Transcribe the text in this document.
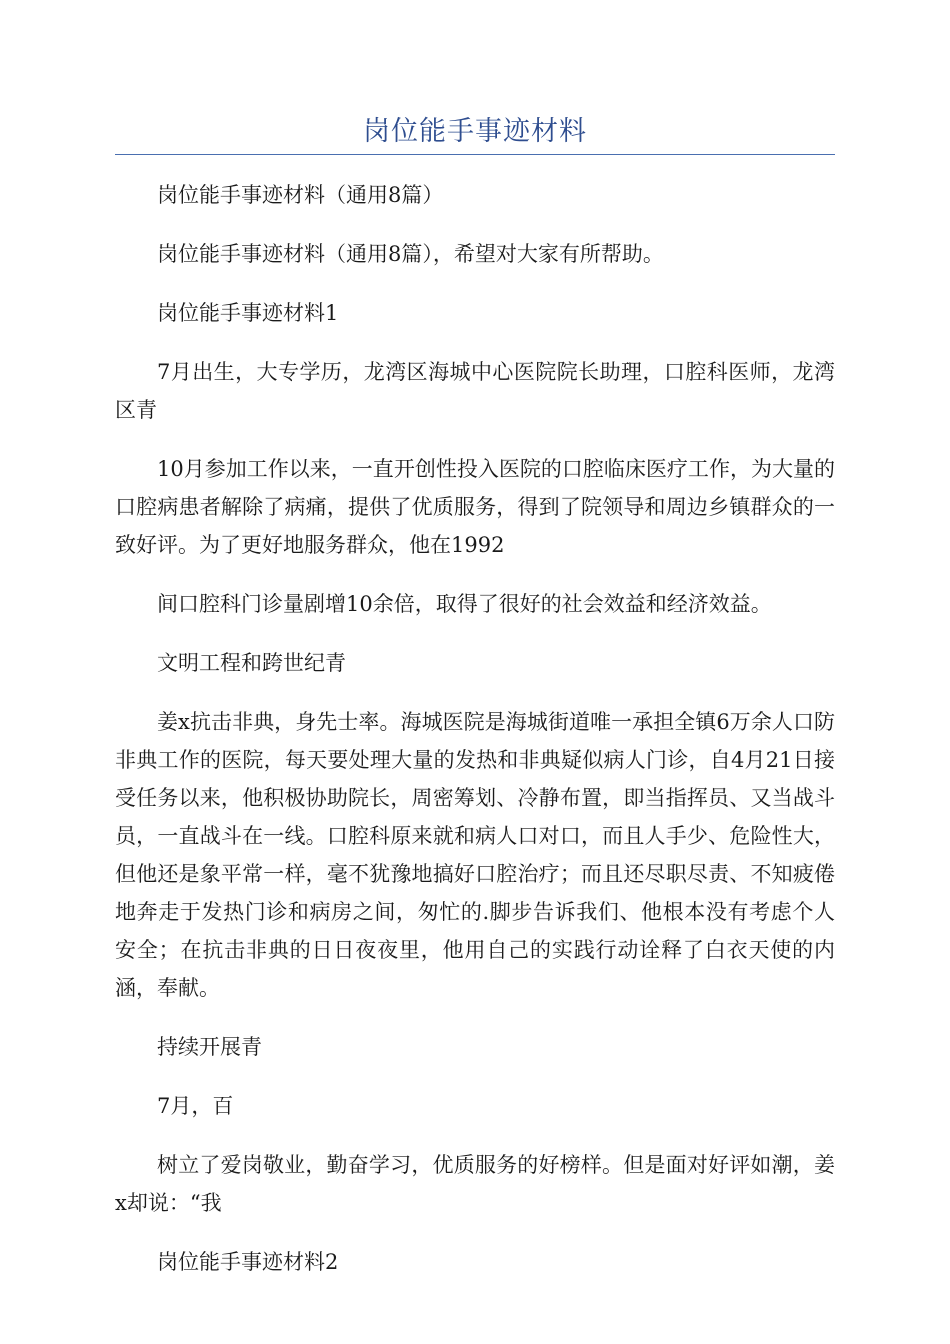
岗位能手事迹材料

岗位能手事迹材料（通用8篇）

岗位能手事迹材料（通用8篇），希望对大家有所帮助。

岗位能手事迹材料1

7月出生，大专学历，龙湾区海城中心医院院长助理，口腔科医师，龙湾区青

10月参加工作以来，一直开创性投入医院的口腔临床医疗工作，为大量的口腔病患者解除了病痛，提供了优质服务，得到了院领导和周边乡镇群众的一致好评。为了更好地服务群众，他在1992

间口腔科门诊量剧增10余倍，取得了很好的社会效益和经济效益。

文明工程和跨世纪青

姜x抗击非典，身先士率。海城医院是海城街道唯一承担全镇6万余人口防非典工作的医院，每天要处理大量的发热和非典疑似病人门诊，自4月21日接受任务以来，他积极协助院长，周密筹划、冷静布置，即当指挥员、又当战斗员，一直战斗在一线。口腔科原来就和病人口对口，而且人手少、危险性大，但他还是象平常一样，毫不犹豫地搞好口腔治疗；而且还尽职尽责、不知疲倦地奔走于发热门诊和病房之间，匆忙的.脚步告诉我们、他根本没有考虑个人安全；在抗击非典的日日夜夜里，他用自己的实践行动诠释了白衣天使的内涵，奉献。

持续开展青

7月，百

树立了爱岗敬业，勤奋学习，优质服务的好榜样。但是面对好评如潮，姜x却说：“我

岗位能手事迹材料2
